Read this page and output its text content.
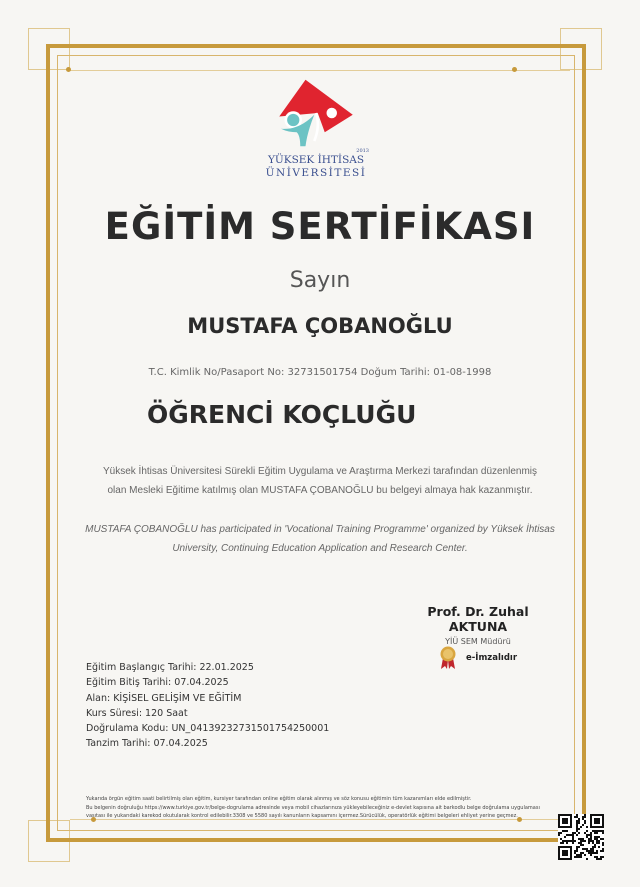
2013
YÜKSEK İHTİSAS
ÜNİVERSİTESİ
EĞİTİM SERTİFİKASI
Sayın
MUSTAFA ÇOBANOĞLU
T.C. Kimlik No/Pasaport No: 32731501754 Doğum Tarihi: 01-08-1998
ÖĞRENCİ KOÇLUĞU
Yüksek İhtisas Üniversitesi Sürekli Eğitim Uygulama ve Araştırma Merkezi tarafından düzenlenmiş
olan Mesleki Eğitime katılmış olan MUSTAFA ÇOBANOĞLU bu belgeyi almaya hak kazanmıştır.
MUSTAFA ÇOBANOĞLU has participated in 'Vocational Training Programme' organized by Yüksek İhtisas
University, Continuing Education Application and Research Center.
Prof. Dr. Zuhal AKTUNA
YİÜ SEM Müdürü
e-İmzalıdır
Eğitim Başlangıç Tarihi: 22.01.2025
Eğitim Bitiş Tarihi: 07.04.2025
Alan: KİŞİSEL GELİŞİM VE EĞİTİM
Kurs Süresi: 120 Saat
Doğrulama Kodu: UN_04139232731501754250001
Tanzim Tarihi: 07.04.2025
Yukarıda örgün eğitim saati belirtilmiş olan eğitim, kursiyer tarafından online eğitim olarak alınmış ve söz konusu eğitimin tüm kazanımları elde edilmiştir.
Bu belgenin doğruluğu https://www.turkiye.gov.tr/belge-dogrulama adresinde veya mobil cihazlarınıza yükleyebileceğiniz e-devlet kapısına ait barkodlu belge doğrulama uygulaması
vasıtası ile yukarıdaki karekod okutularak kontrol edilebilir.3308 ve 5580 sayılı kanunların kapsamını içermez.Sürücülük, operatörlük eğitimi belgeleri ehliyet yerine geçmez.
